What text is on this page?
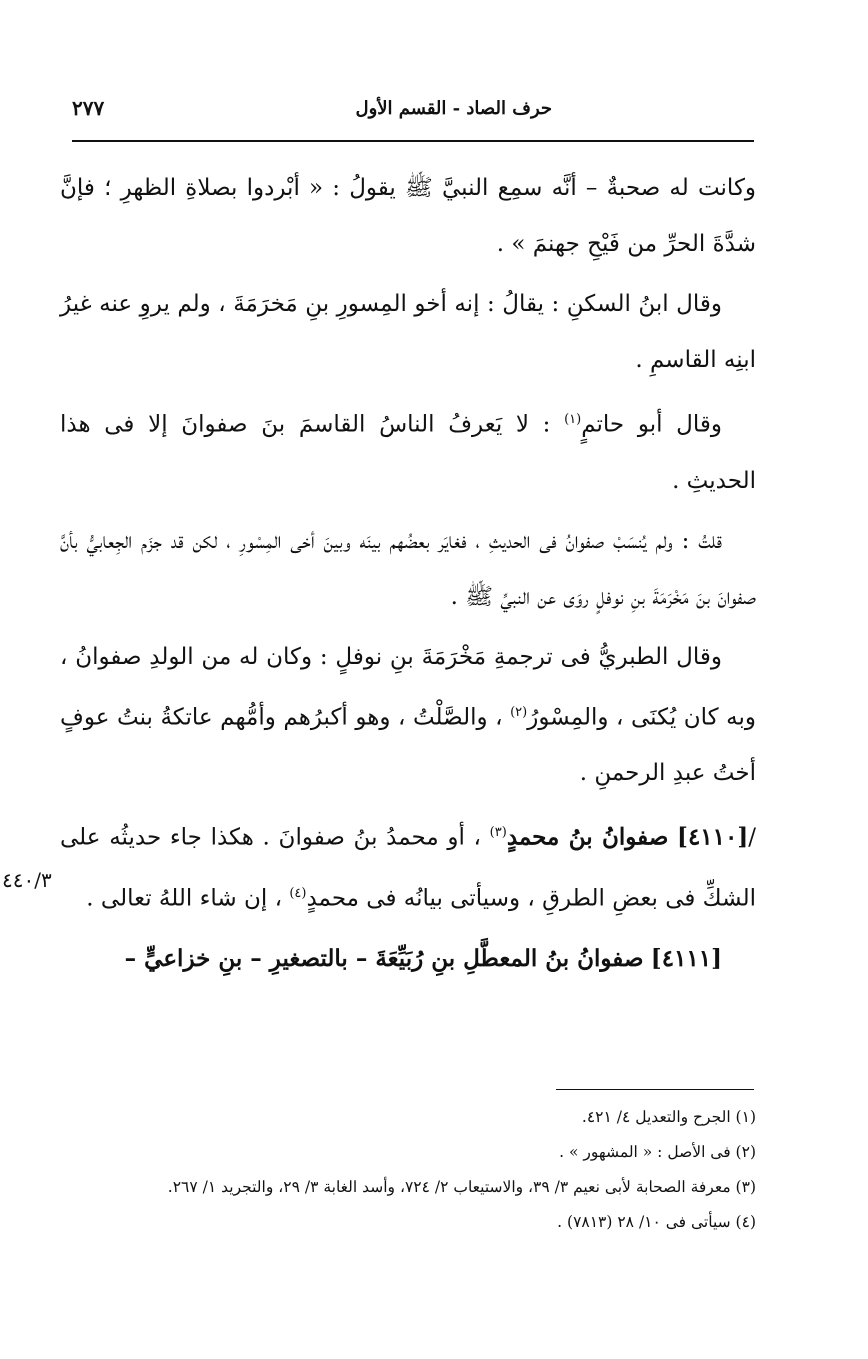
٢٧٧	حرف الصاد - القسم الأول
٤٤٠/٣

وكانت له صحبةٌ – أنَّه سمِع النبيَّ ﷺ يقولُ : « أبْردوا بصلاةِ الظهرِ ؛ فإنَّ شدَّةَ الحرِّ من فَيْحِ جهنمَ » .

وقال ابنُ السكنِ : يقالُ : إنه أخو المِسورِ بنِ مَخرَمَةَ ، ولم يروِ عنه غيرُ ابنِه القاسمِ .

وقال أبو حاتمٍ$^{(١)}$ : لا يَعرفُ الناسُ القاسمَ بنَ صفوانَ إلا فى هذا الحديثِ .

قلتُ : ولم يُنسَبْ صفوانُ فى الحديثِ ، فغايَر بعضُهم بينَه وبينَ أخى المِسْورِ ، لكن قد جزَم الجِعابيُّ بأنَّ صفوانَ بنَ مَخْرَمَةَ بنِ نوفلٍ روَى عن النبيِّ ﷺ .

وقال الطبريُّ فى ترجمةِ مَخْرَمَةَ بنِ نوفلٍ : وكان له من الولدِ صفوانُ ، وبه كان يُكنَى ، والمِسْورُ$^{(٢)}$ ، والصَّلْتُ ، وهو أكبرُهم وأمُّهم عاتكةُ بنتُ عوفٍ أختُ عبدِ الرحمنِ .

/[٤١١٠] صفوانُ بنُ محمدٍ$^{(٣)}$ ، أو محمدُ بنُ صفوانَ . هكذا جاء حديثُه على الشكِّ فى بعضِ الطرقِ ، وسيأتى بيانُه فى محمدٍ$^{(٤)}$ ، إن شاء اللهُ تعالى .

[٤١١١] صفوانُ بنُ المعطَّلِ بنِ رُبَيِّعَةَ – بالتصغيرِ – بنِ خزاعيٍّ –

(١) الجرح والتعديل ٤/ ٤٢١.
(٢) فى الأصل : « المشهور » .
(٣) معرفة الصحابة لأبى نعيم ٣/ ٣٩، والاستيعاب ٢/ ٧٢٤، وأسد الغابة ٣/ ٢٩، والتجريد ١/ ٢٦٧.
(٤) سيأتى فى ١٠/ ٢٨ (٧٨١٣) .
